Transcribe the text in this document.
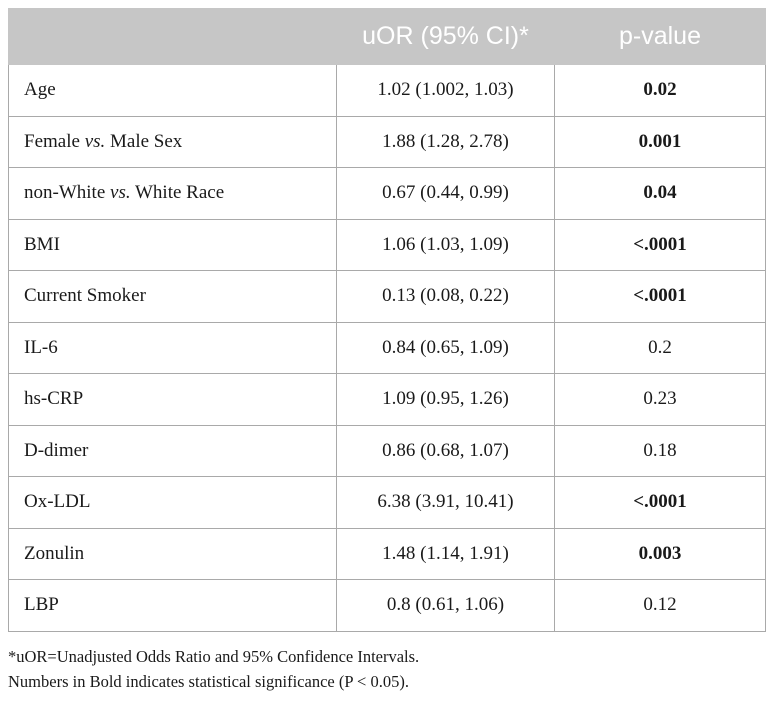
	uOR (95% CI)*	p-value
Age	1.02 (1.002, 1.03)	0.02
Female vs. Male Sex	1.88 (1.28, 2.78)	0.001
non-White vs. White Race	0.67 (0.44, 0.99)	0.04
BMI	1.06 (1.03, 1.09)	<.0001
Current Smoker	0.13 (0.08, 0.22)	<.0001
IL-6	0.84 (0.65, 1.09)	0.2
hs-CRP	1.09 (0.95, 1.26)	0.23
D-dimer	0.86 (0.68, 1.07)	0.18
Ox-LDL	6.38 (3.91, 10.41)	<.0001
Zonulin	1.48 (1.14, 1.91)	0.003
LBP	0.8 (0.61, 1.06)	0.12
*uOR=Unadjusted Odds Ratio and 95% Confidence Intervals.
Numbers in Bold indicates statistical significance (P < 0.05).
